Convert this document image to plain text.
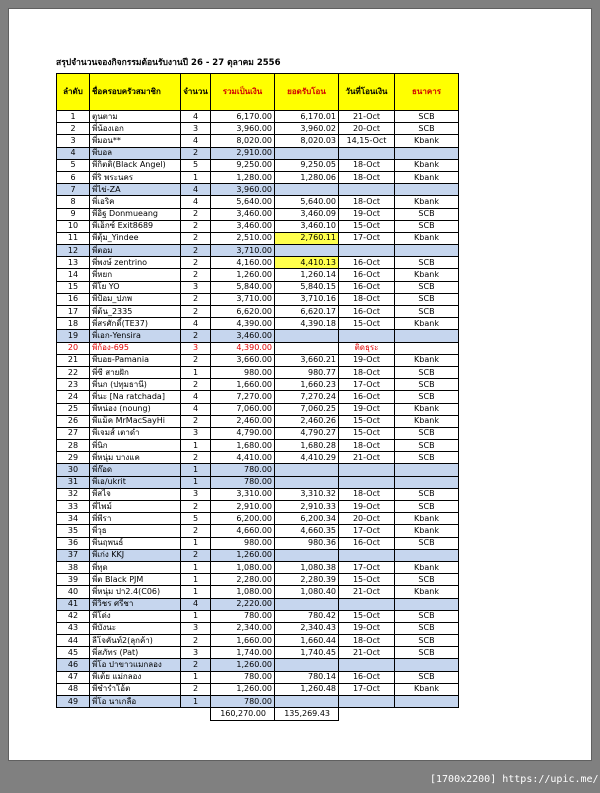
สรุปจำนวนจองกิจกรรมต้อนรับงานปี 26 - 27 ตุลาคม 2556
ลำดับ	ชื่อครอบครัวสมาชิก	จำนวน	รวมเป็นเงิน	ยอดรับโอน	วันที่โอนเงิน	ธนาคาร
1	ตูนตาม	4	6,170.00	6,170.01	21-Oct	SCB
2	พี่น้องเอก	3	3,960.00	3,960.02	20-Oct	SCB
3	พี่มอน**	4	8,020.00	8,020.03	14,15-Oct	Kbank
4	พี่บอล	2	2,910.00			
5	พี่กิตติ(Black Angel)	5	9,250.00	9,250.05	18-Oct	Kbank
6	พี่ริ พระนคร	1	1,280.00	1,280.06	18-Oct	Kbank
7	พี่ไข่-ZA	4	3,960.00			
8	พี่เอริค	4	5,640.00	5,640.00	18-Oct	Kbank
9	พี่อิฐ Donmueang	2	3,460.00	3,460.09	19-Oct	SCB
10	พี่เอ็กซ์ Exit8689	2	3,460.00	3,460.10	15-Oct	SCB
11	พี่ตุ้ม_Yindee	2	2,510.00	2,760.11	17-Oct	Kbank
12	พี่ตอม	2	3,710.00			
13	พี่พงษ์ zentrino	2	4,160.00	4,410.13	16-Oct	SCB
14	พี่หยก	2	1,260.00	1,260.14	16-Oct	Kbank
15	พี่โย YO	3	5,840.00	5,840.15	16-Oct	SCB
16	พี่ป้อม_ปภพ	2	3,710.00	3,710.16	18-Oct	SCB
17	พี่ต้น_2335	2	6,620.00	6,620.17	16-Oct	SCB
18	พี่สรศักดิ์(TE37)	4	4,390.00	4,390.18	15-Oct	Kbank
19	พี่เอก-Yensira	2	3,460.00			
20	พี่ก้อง-695	3	4,390.00		ติดธุระ	
21	พี่บอย-Pamania	2	3,660.00	3,660.21	19-Oct	Kbank
22	พี่ซี สายฝัก	1	980.00	980.77	18-Oct	SCB
23	พี่นก (ปทุมธานี)	2	1,660.00	1,660.23	17-Oct	SCB
24	พี่นะ [Na ratchada]	4	7,270.00	7,270.24	16-Oct	SCB
25	พี่หน่อง (noung)	4	7,060.00	7,060.25	19-Oct	Kbank
26	พี่แม็ค MrMacSayHi	2	2,460.00	2,460.26	15-Oct	Kbank
27	พี่เจมส์ เตาดำ	3	4,790.00	4,790.27	15-Oct	SCB
28	พี่นิก	1	1,680.00	1,680.28	18-Oct	SCB
29	พี่หนุ่ม บางแค	2	4,410.00	4,410.29	21-Oct	SCB
30	พี่ก๊อด	1	780.00			
31	พี่เอ/ukrit	1	780.00			
32	พี่สไจ	3	3,310.00	3,310.32	18-Oct	SCB
33	พี่ไพม์	2	2,910.00	2,910.33	19-Oct	SCB
34	พี่พีรา	5	6,200.00	6,200.34	20-Oct	Kbank
35	พี่วุธ	2	4,660.00	4,660.35	17-Oct	Kbank
36	พี่นฤพนธ์	1	980.00	980.36	16-Oct	SCB
37	พี่เก่ง KKJ	2	1,260.00			
38	พี่ทุด	1	1,080.00	1,080.38	17-Oct	Kbank
39	พี่ต Black PJM	1	2,280.00	2,280.39	15-Oct	SCB
40	พี่หนุ่ม ปา2.4(C06)	1	1,080.00	1,080.40	21-Oct	Kbank
41	พี่วิชร ศรีชา	4	2,220.00			
42	พี่โด่ง	1	780.00	780.42	15-Oct	SCB
43	พี่บังนะ	3	2,340.00	2,340.43	19-Oct	SCB
44	ลีโจคันท์2(ลุกค้า)	2	1,660.00	1,660.44	18-Oct	SCB
45	พี่สภัทร (Pat)	3	1,740.00	1,740.45	21-Oct	SCB
46	พี่โอ ปาขาวแมกลอง	2	1,260.00			
47	พี่เต้ย แม่กลอง	1	780.00	780.14	16-Oct	SCB
48	พี่ชำรำโอ้ต	2	1,260.00	1,260.48	17-Oct	Kbank
49	พี่โอ นาเกลือ	1	780.00			
			160,270.00	135,269.43		
[1700x2200] https://upic.me/
